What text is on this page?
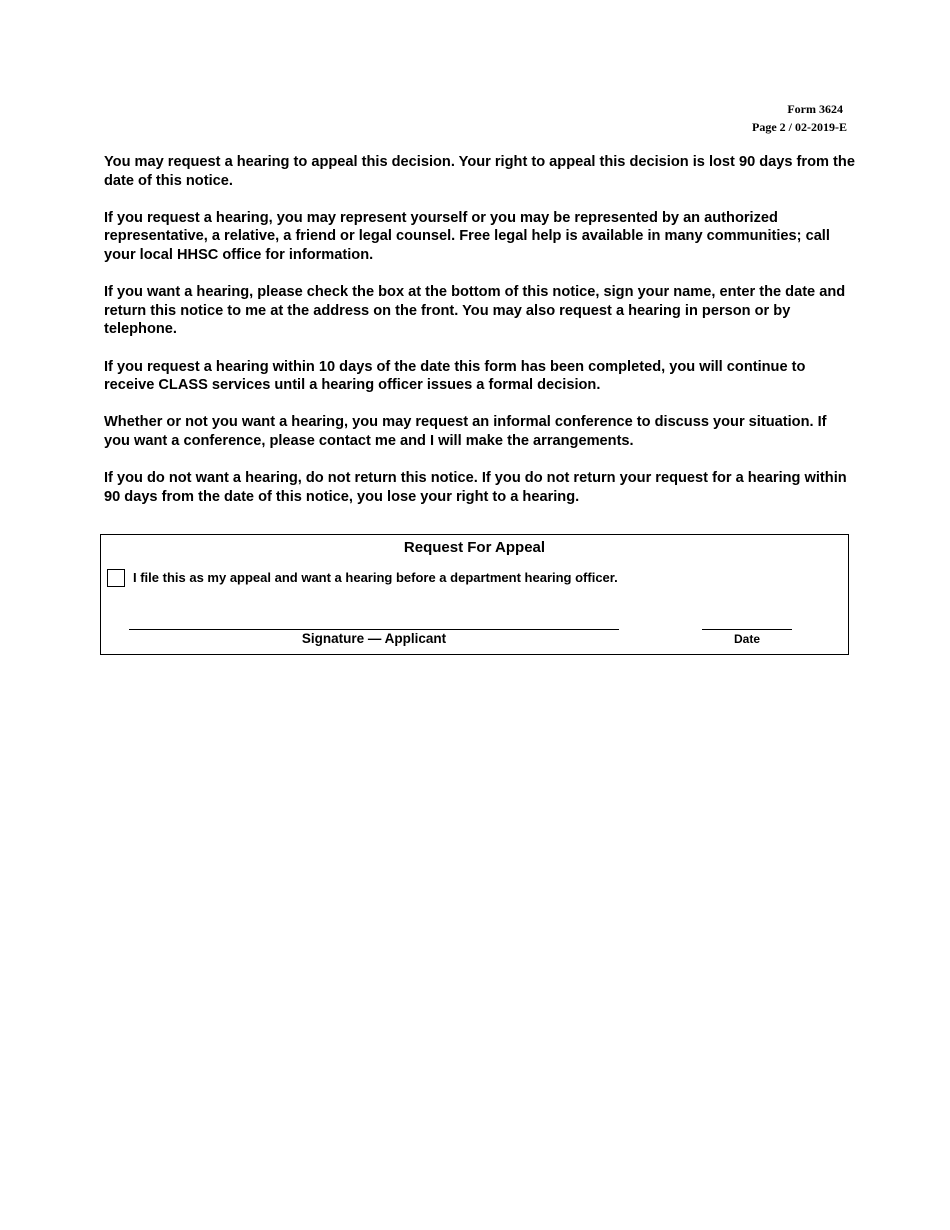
Form 3624
Page 2 / 02-2019-E

You may request a hearing to appeal this decision. Your right to appeal this decision is lost 90 days from the date of this notice.

If you request a hearing, you may represent yourself or you may be represented by an authorized representative, a relative, a friend or legal counsel. Free legal help is available in many communities; call your local HHSC office for information.

If you want a hearing, please check the box at the bottom of this notice, sign your name, enter the date and return this notice to me at the address on the front. You may also request a hearing in person or by telephone.

If you request a hearing within 10 days of the date this form has been completed, you will continue to receive CLASS services until a hearing officer issues a formal decision.

Whether or not you want a hearing, you may request an informal conference to discuss your situation. If you want a conference, please contact me and I will make the arrangements.

If you do not want a hearing, do not return this notice. If you do not return your request for a hearing within 90 days from the date of this notice, you lose your right to a hearing.

Request For Appeal
I file this as my appeal and want a hearing before a department hearing officer.
Signature — Applicant	Date
